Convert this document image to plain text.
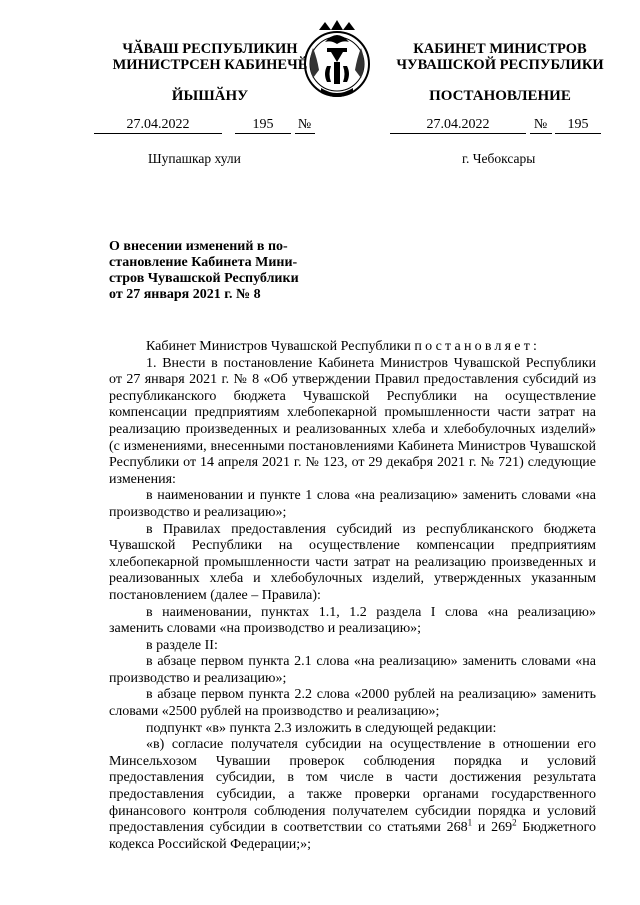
ЧӐВАШ РЕСПУБЛИКИН
МИНИСТРСЕН КАБИНЕЧӖ
ЙЫШӐНУ
КАБИНЕТ МИНИСТРОВ
ЧУВАШСКОЙ РЕСПУБЛИКИ
ПОСТАНОВЛЕНИЕ
27.04.2022	195 №	27.04.2022	№ 195
Шупашкар хули	г. Чебоксары
О внесении изменений в по-
становление Кабинета Мини-
стров Чувашской Республики
от 27 января 2021 г. № 8

Кабинет Министров Чувашской Республики постановляет:

1. Внести в постановление Кабинета Министров Чувашской Республики от 27 января 2021 г. № 8 «Об утверждении Правил предоставления субсидий из республиканского бюджета Чувашской Республики на осуществление компенсации предприятиям хлебопекарной промышленности части затрат на реализацию произведенных и реализованных хлеба и хлебобулочных изделий» (с изменениями, внесенными постановлениями Кабинета Министров Чувашской Республики от 14 апреля 2021 г. № 123, от 29 декабря 2021 г. № 721) следующие изменения:

в наименовании и пункте 1 слова «на реализацию» заменить словами «на производство и реализацию»;

в Правилах предоставления субсидий из республиканского бюджета Чувашской Республики на осуществление компенсации предприятиям хлебопекарной промышленности части затрат на реализацию произведенных и реализованных хлеба и хлебобулочных изделий, утвержденных указанным постановлением (далее – Правила):

в наименовании, пунктах 1.1, 1.2 раздела I слова «на реализацию» заменить словами «на производство и реализацию»;

в разделе II:

в абзаце первом пункта 2.1 слова «на реализацию» заменить словами «на производство и реализацию»;

в абзаце первом пункта 2.2 слова «2000 рублей на реализацию» заменить словами «2500 рублей на производство и реализацию»;

подпункт «в» пункта 2.3 изложить в следующей редакции:

«в) согласие получателя субсидии на осуществление в отношении его Минсельхозом Чувашии проверок соблюдения порядка и условий предоставления субсидии, в том числе в части достижения результата предоставления субсидии, а также проверки органами государственного финансового контроля соблюдения получателем субсидии порядка и условий предоставления субсидии в соответствии со статьями $268^1$ и $269^2$ Бюджетного кодекса Российской Федерации;»;
